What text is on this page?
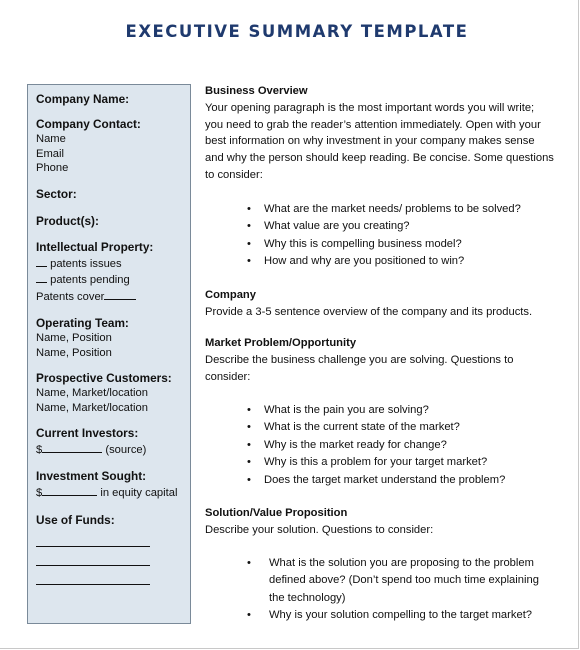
EXECUTIVE SUMMARY TEMPLATE
Company Name:
Company Contact:
Name
Email
Phone
Sector:
Product(s):
Intellectual Property:
patents issues
patents pending
Patents cover
Operating Team:
Name, Position
Name, Position
Prospective Customers:
Name, Market/location
Name, Market/location
Current Investors:
$	(source)
Investment Sought:
$	in equity capital
Use of Funds:
Business Overview
Your opening paragraph is the most important words you will write;
you need to grab the reader’s attention immediately. Open with your
best information on why investment in your company makes sense
and why the person should keep reading. Be concise. Some questions
to consider:
• What are the market needs/ problems to be solved?
• What value are you creating?
• Why this is compelling business model?
• How and why are you positioned to win?
Company
Provide a 3-5 sentence overview of the company and its products.
Market Problem/Opportunity
Describe the business challenge you are solving. Questions to
consider:
• What is the pain you are solving?
• What is the current state of the market?
• Why is the market ready for change?
• Why is this a problem for your target market?
• Does the target market understand the problem?
Solution/Value Proposition
Describe your solution. Questions to consider:
• What is the solution you are proposing to the problem
defined above? (Don’t spend too much time explaining
the technology)
• Why is your solution compelling to the target market?
